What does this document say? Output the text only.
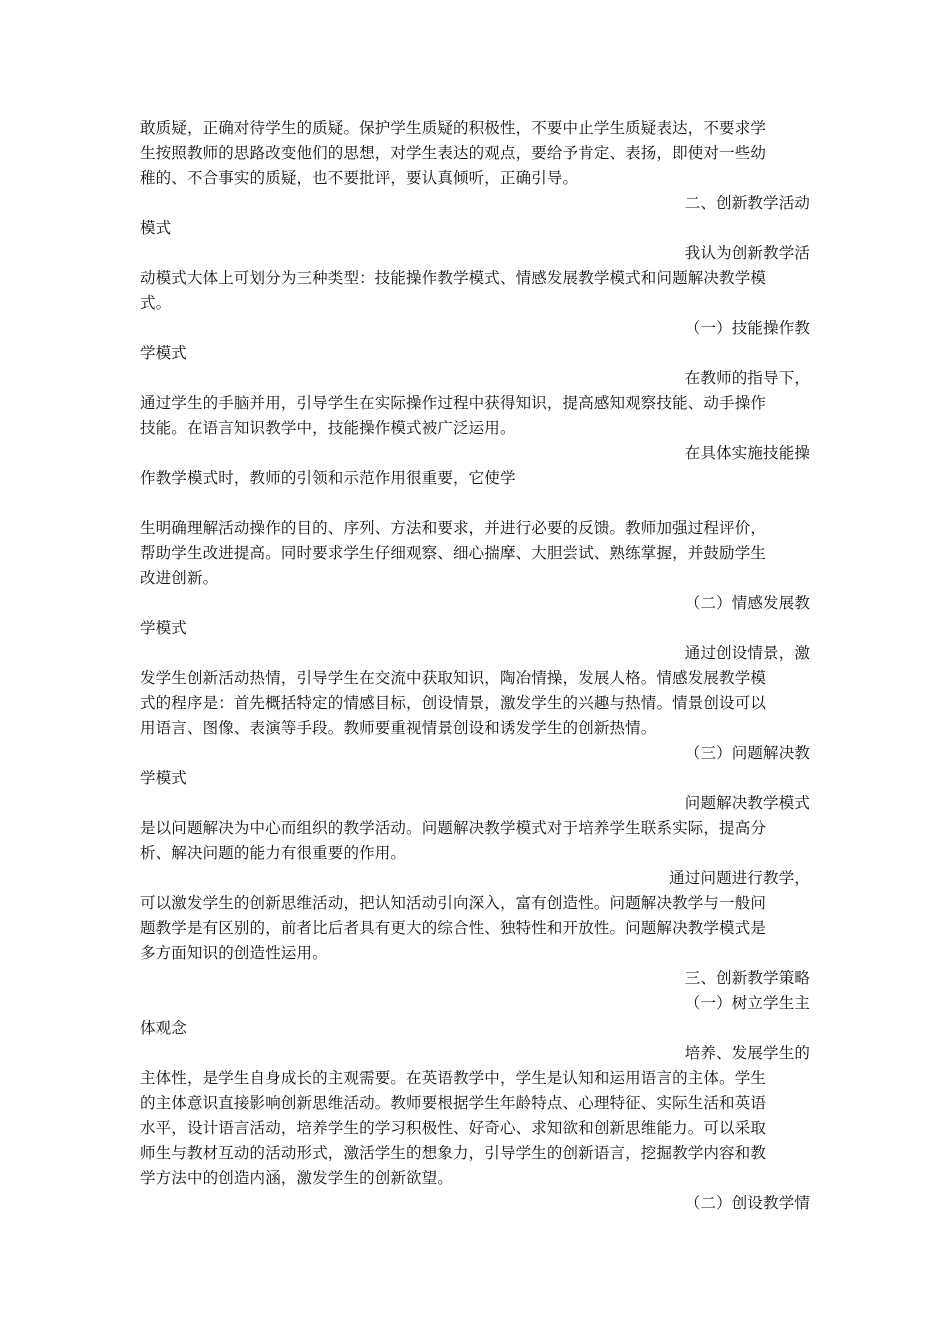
敢质疑，正确对待学生的质疑。保护学生质疑的积极性，不要中止学生质疑表达，不要求学
生按照教师的思路改变他们的思想，对学生表达的观点，要给予肯定、表扬，即使对一些幼
稚的、不合事实的质疑，也不要批评，要认真倾听，正确引导。
二、创新教学活动
模式
我认为创新教学活
动模式大体上可划分为三种类型：技能操作教学模式、情感发展教学模式和问题解决教学模
式。
（一）技能操作教
学模式
在教师的指导下，
通过学生的手脑并用，引导学生在实际操作过程中获得知识，提高感知观察技能、动手操作
技能。在语言知识教学中，技能操作模式被广泛运用。
在具体实施技能操
作教学模式时，教师的引领和示范作用很重要，它使学
生明确理解活动操作的目的、序列、方法和要求，并进行必要的反馈。教师加强过程评价，
帮助学生改进提高。同时要求学生仔细观察、细心揣摩、大胆尝试、熟练掌握，并鼓励学生
改进创新。
（二）情感发展教
学模式
通过创设情景，激
发学生创新活动热情，引导学生在交流中获取知识，陶冶情操，发展人格。情感发展教学模
式的程序是：首先概括特定的情感目标，创设情景，激发学生的兴趣与热情。情景创设可以
用语言、图像、表演等手段。教师要重视情景创设和诱发学生的创新热情。
（三）问题解决教
学模式
问题解决教学模式
是以问题解决为中心而组织的教学活动。问题解决教学模式对于培养学生联系实际，提高分
析、解决问题的能力有很重要的作用。
通过问题进行教学，
可以激发学生的创新思维活动，把认知活动引向深入，富有创造性。问题解决教学与一般问
题教学是有区别的，前者比后者具有更大的综合性、独特性和开放性。问题解决教学模式是
多方面知识的创造性运用。
三、创新教学策略
（一）树立学生主
体观念
培养、发展学生的
主体性，是学生自身成长的主观需要。在英语教学中，学生是认知和运用语言的主体。学生
的主体意识直接影响创新思维活动。教师要根据学生年龄特点、心理特征、实际生活和英语
水平，设计语言活动，培养学生的学习积极性、好奇心、求知欲和创新思维能力。可以采取
师生与教材互动的活动形式，激活学生的想象力，引导学生的创新语言，挖掘教学内容和教
学方法中的创造内涵，激发学生的创新欲望。
（二）创设教学情
